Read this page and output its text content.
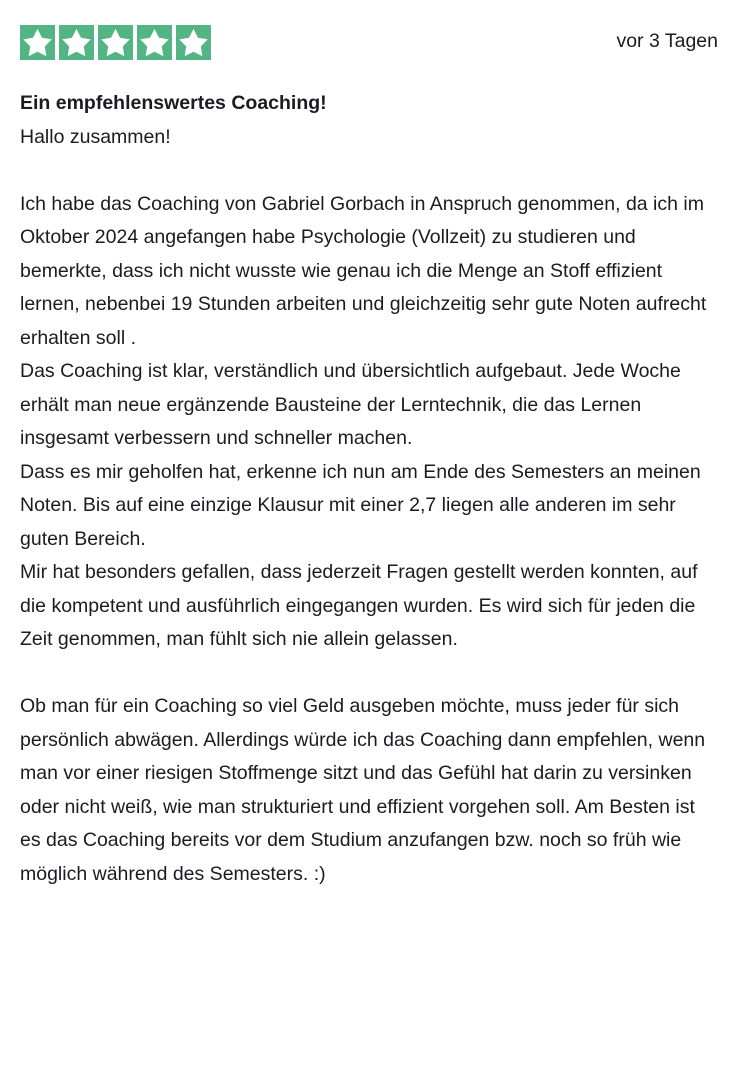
vor 3 Tagen
Ein empfehlenswertes Coaching!

Hallo zusammen!

Ich habe das Coaching von Gabriel Gorbach in Anspruch genommen, da ich im Oktober 2024 angefangen habe Psychologie (Vollzeit) zu studieren und bemerkte, dass ich nicht wusste wie genau ich die Menge an Stoff effizient lernen, nebenbei 19 Stunden arbeiten und gleichzeitig sehr gute Noten aufrecht erhalten soll .
Das Coaching ist klar, verständlich und übersichtlich aufgebaut. Jede Woche erhält man neue ergänzende Bausteine der Lerntechnik, die das Lernen insgesamt verbessern und schneller machen.
Dass es mir geholfen hat, erkenne ich nun am Ende des Semesters an meinen Noten. Bis auf eine einzige Klausur mit einer 2,7 liegen alle anderen im sehr guten Bereich.
Mir hat besonders gefallen, dass jederzeit Fragen gestellt werden konnten, auf die kompetent und ausführlich eingegangen wurden. Es wird sich für jeden die Zeit genommen, man fühlt sich nie allein gelassen.

Ob man für ein Coaching so viel Geld ausgeben möchte, muss jeder für sich persönlich abwägen. Allerdings würde ich das Coaching dann empfehlen, wenn man vor einer riesigen Stoffmenge sitzt und das Gefühl hat darin zu versinken oder nicht weiß, wie man strukturiert und effizient vorgehen soll. Am Besten ist es das Coaching bereits vor dem Studium anzufangen bzw. noch so früh wie möglich während des Semesters. :)
